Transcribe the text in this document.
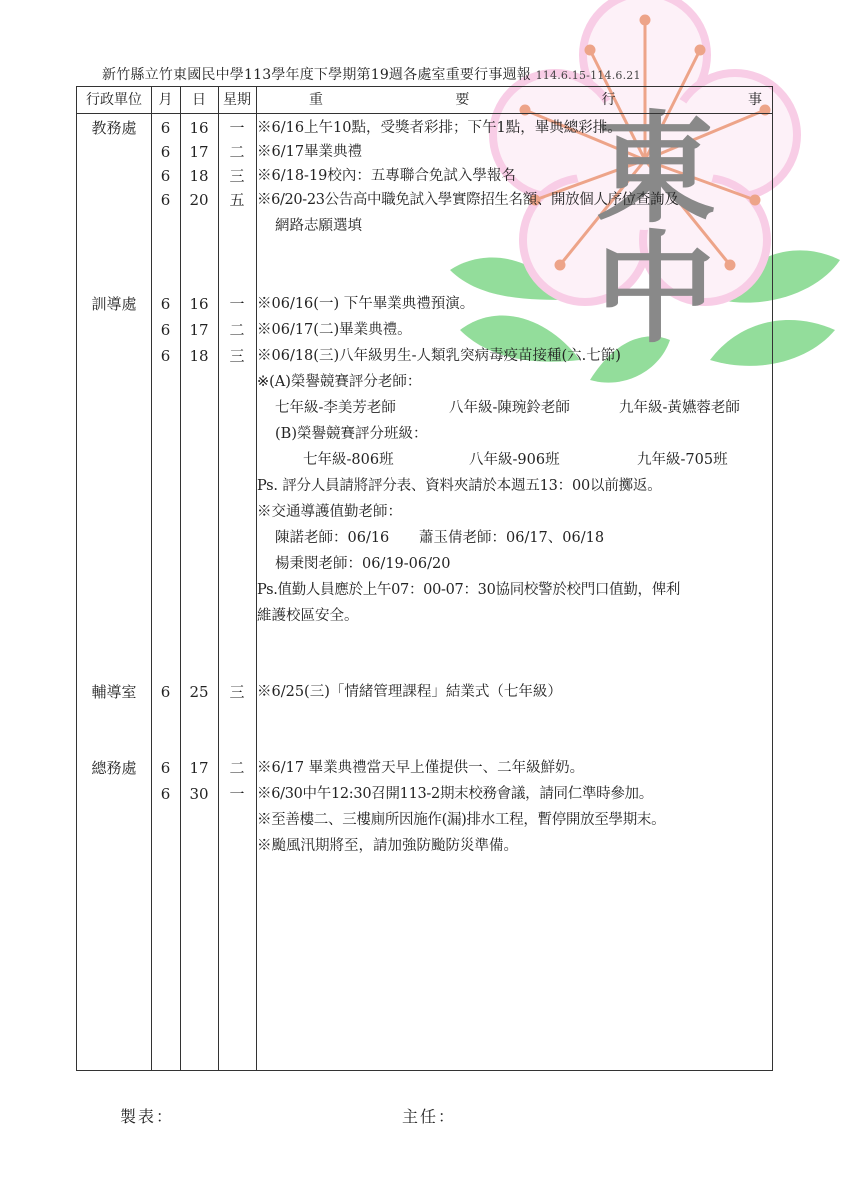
東中
新竹縣立竹東國民中學113學年度下學期第19週各處室重要行事週報 114.6.15-114.6.21
行政單位	月	日	星期	重	要	行	事
教務處	6	16	一 ※6/16上午10點，受獎者彩排；下午1點，畢典總彩排。
6	17	二 ※6/17畢業典禮
6	18	三 ※6/18-19校內：五專聯合免試入學報名
6	20	五 ※6/20-23公告高中職免試入學實際招生名額、開放個人序位查詢及
網路志願選填
訓導處	6	16	一 ※06/16(一) 下午畢業典禮預演。
6	17	二 ※06/17(二)畢業典禮。
6	18	三 ※06/18(三)八年級男生-人類乳突病毒疫苗接種(六.七節)
※(A)榮譽競賽評分老師：
七年級-李美芳老師	八年級-陳琬鈴老師	九年級-黃嬿蓉老師
(B)榮譽競賽評分班級：
七年級-806班	八年級-906班	九年級-705班
Ps. 評分人員請將評分表、資料夾請於本週五13：00以前擲返。
※交通導護值勤老師：
陳諾老師：06/16 蕭玉倩老師：06/17、06/18
楊秉閔老師：06/19-06/20
Ps.值勤人員應於上午07：00-07：30協同校警於校門口值勤，俾利
維護校區安全。
輔導室	6	25	三 ※6/25(三)「情緒管理課程」結業式（七年級）
總務處	6	17	二 ※6/17 畢業典禮當天早上僅提供一、二年級鮮奶。
6	30	一 ※6/30中午12:30召開113-2期末校務會議，請同仁準時參加。
※至善樓二、三樓廁所因施作(漏)排水工程，暫停開放至學期末。
※颱風汛期將至，請加強防颱防災準備。
製表：	主任：
